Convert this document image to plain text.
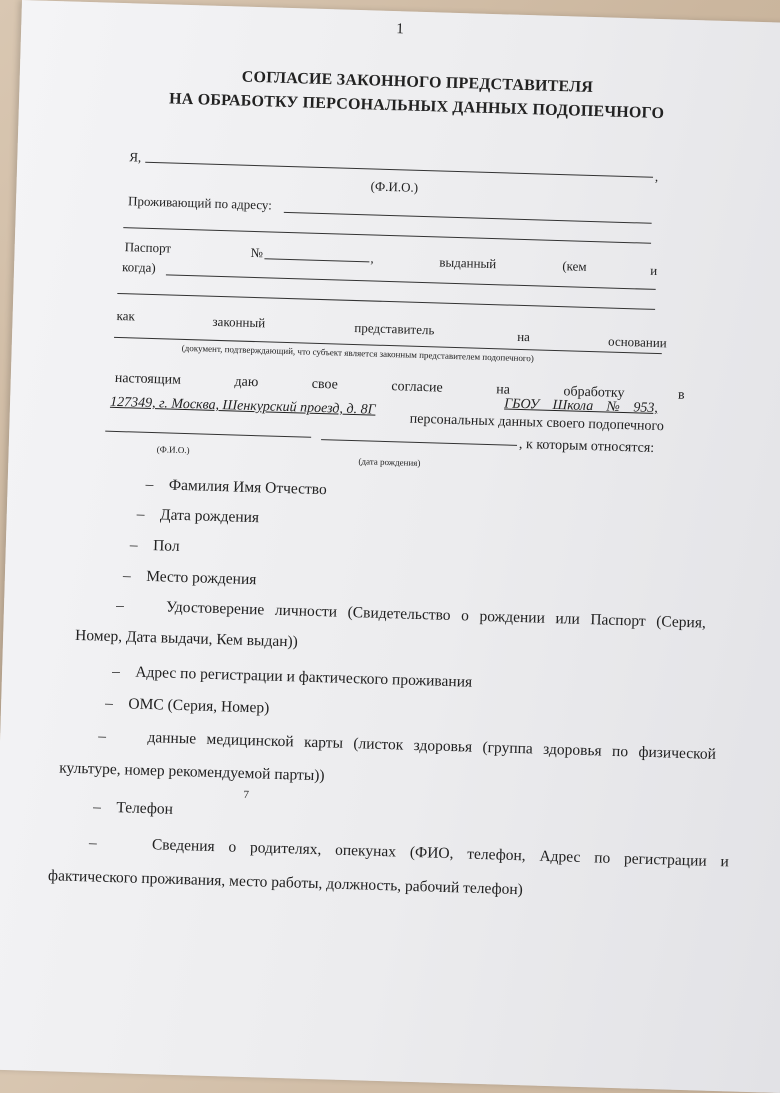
1
СОГЛАСИЕ ЗАКОННОГО ПРЕДСТАВИТЕЛЯ
НА ОБРАБОТКУ ПЕРСОНАЛЬНЫХ ДАННЫХ ПОДОПЕЧНОГО
Я,
,
(Ф.И.О.)
Проживающий по адресу:
Паспорт	№	,	выданный	(кем	и
когда)
как	законный	представитель	на	основании
(документ, подтверждающий, что субъект является законным представителем подопечного)
настоящим	даю	свое	согласие	на	обработку	в
ГБОУ Школа № 953,
127349, г. Москва, Шенкурский проезд, д. 8Г
персональных данных своего подопечного
, к которым относятся:
(Ф.И.О.)
(дата рождения)
– Фамилия Имя Отчество
– Дата рождения
– Пол
– Место рождения
–	Удостоверение личности (Свидетельство о рождении или Паспорт (Серия,
Номер, Дата выдачи, Кем выдан))
– Адрес по регистрации и фактического проживания
– ОМС (Серия, Номер)
–	данные медицинской карты (листок здоровья (группа здоровья по физической
культуре, номер рекомендуемой парты))
– Телефон
7
–	Сведения о родителях, опекунах (ФИО, телефон, Адрес по регистрации и
фактического проживания, место работы, должность, рабочий телефон)
